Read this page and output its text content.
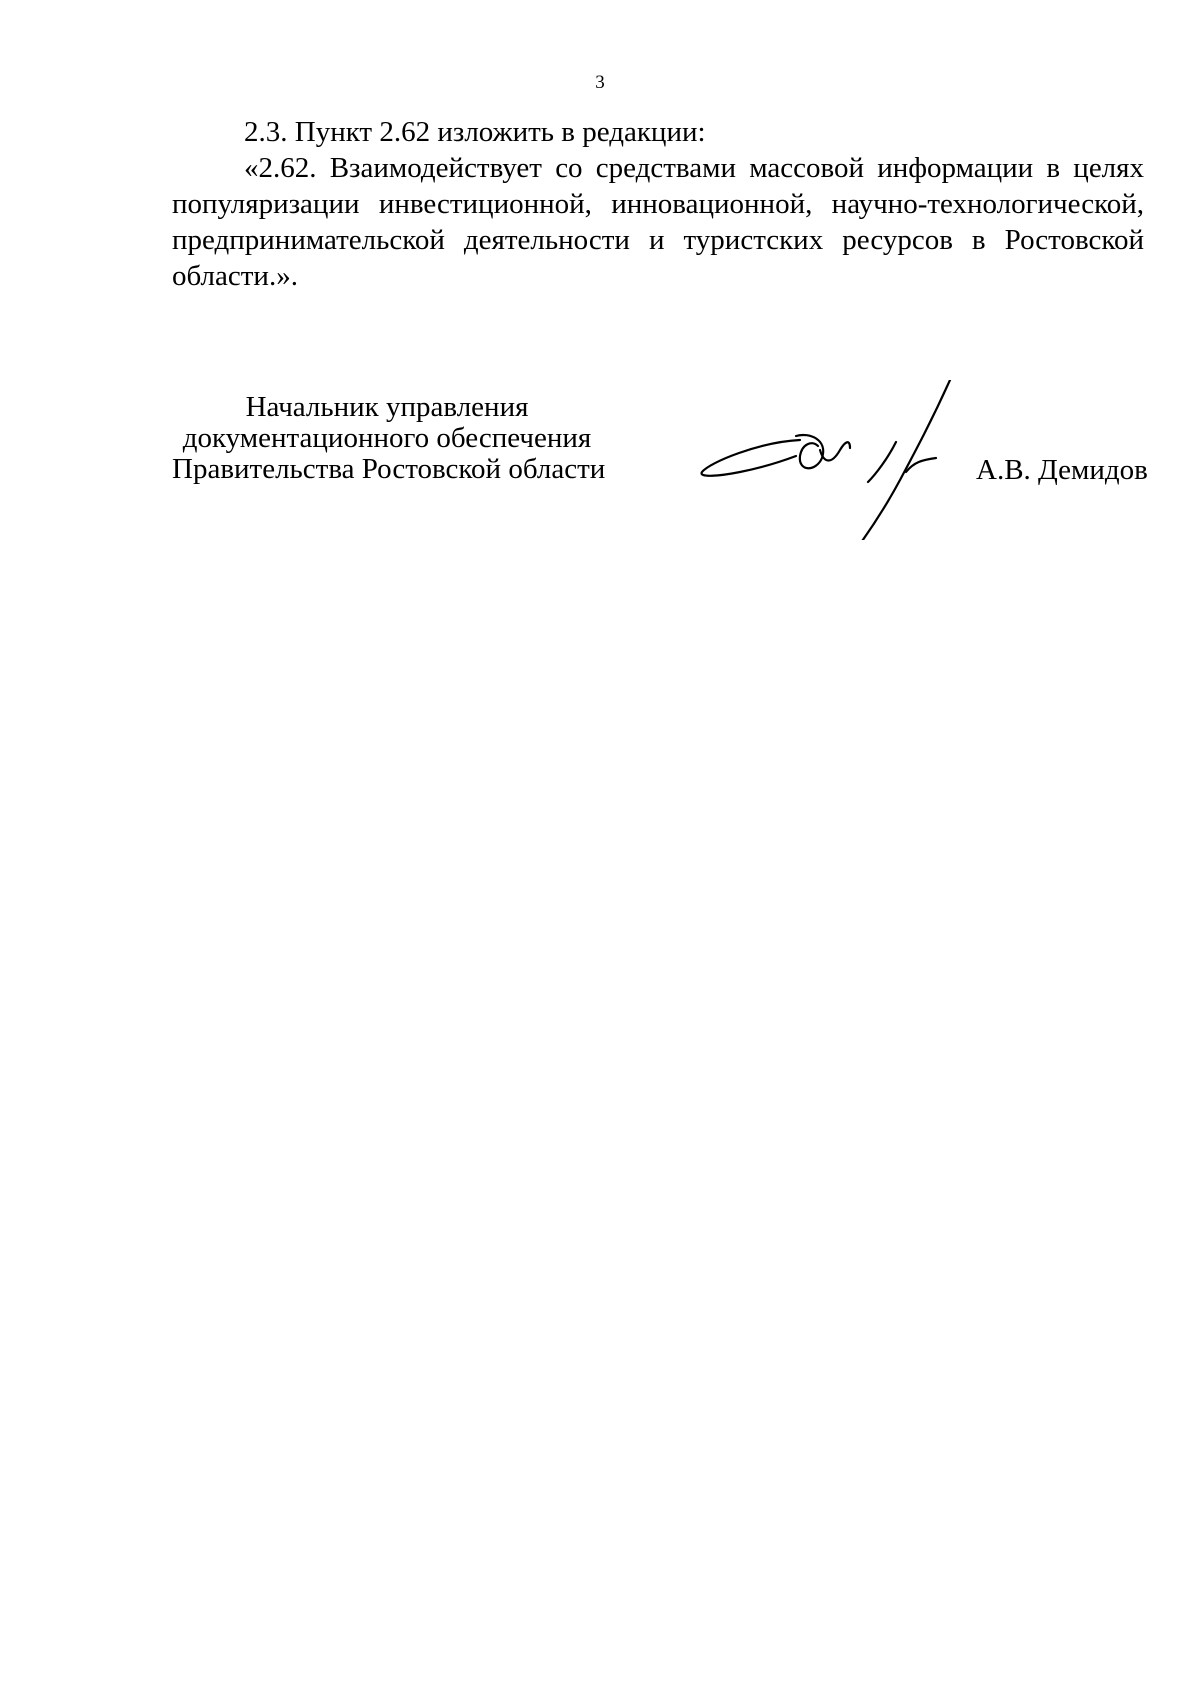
3

2.3. Пункт 2.62 изложить в редакции:

«2.62. Взаимодействует со средствами массовой информации в целях популяризации инвестиционной, инновационной, научно-технологической, предпринимательской деятельности и туристских ресурсов в Ростовской области.».

Начальник управления
документационного обеспечения
Правительства Ростовской области	А.В. Демидов
